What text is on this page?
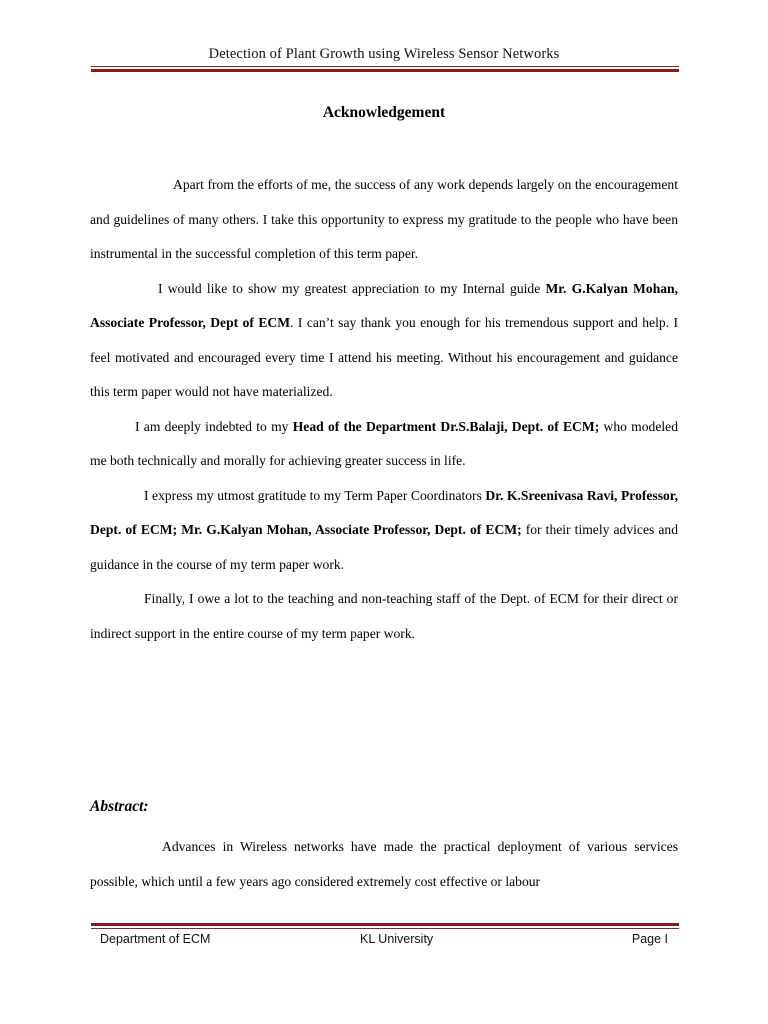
Detection of Plant Growth using Wireless Sensor Networks
Acknowledgement

Apart from the efforts of me, the success of any work depends largely on the encouragement and guidelines of many others. I take this opportunity to express my gratitude to the people who have been instrumental in the successful completion of this term paper.

I would like to show my greatest appreciation to my Internal guide Mr. G.Kalyan Mohan, Associate Professor, Dept of ECM. I can’t say thank you enough for his tremendous support and help. I feel motivated and encouraged every time I attend his meeting. Without his encouragement and guidance this term paper would not have materialized.

I am deeply indebted to my Head of the Department Dr.S.Balaji, Dept. of ECM; who modeled me both technically and morally for achieving greater success in life.

I express my utmost gratitude to my Term Paper Coordinators Dr. K.Sreenivasa Ravi, Professor, Dept. of ECM; Mr. G.Kalyan Mohan, Associate Professor, Dept. of ECM; for their timely advices and guidance in the course of my term paper work.

Finally, I owe a lot to the teaching and non-teaching staff of the Dept. of ECM for their direct or indirect support in the entire course of my term paper work.

Abstract:

Advances in Wireless networks have made the practical deployment of various services possible, which until a few years ago considered extremely cost effective or labour

Department of ECM	KL University	Page I
